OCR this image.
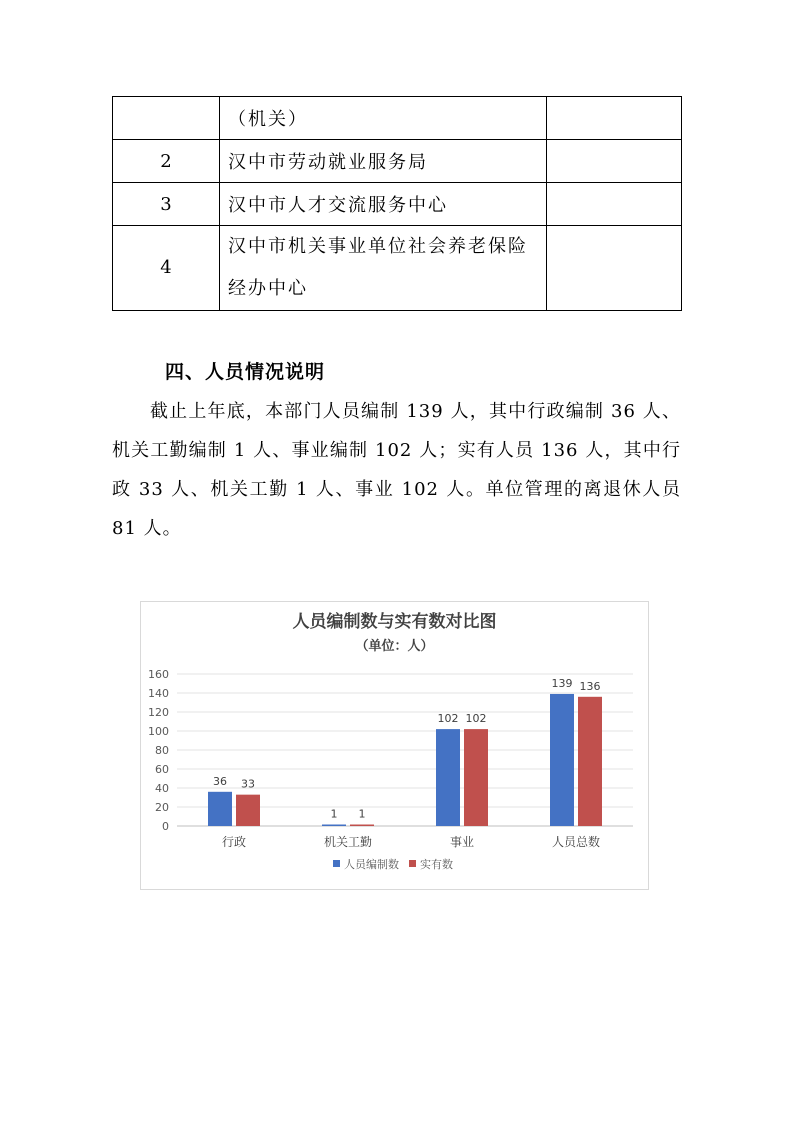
	（机关）	
2	汉中市劳动就业服务局	
3	汉中市人才交流服务中心	
4	汉中市机关事业单位社会养老保险经办中心	
四、人员情况说明

截止上年底，本部门人员编制 139 人，其中行政编制 36 人、机关工勤编制 1 人、事业编制 102 人；实有人员 136 人，其中行政 33 人、机关工勤 1 人、事业 102 人。单位管理的离退休人员 81 人。

人员编制数与实有数对比图
（单位：人）
0
20
40
60
80
100
120
140
160
36 33
行政
1 1
机关工勤
102 102
事业
139 136
人员总数
人员编制数 实有数
